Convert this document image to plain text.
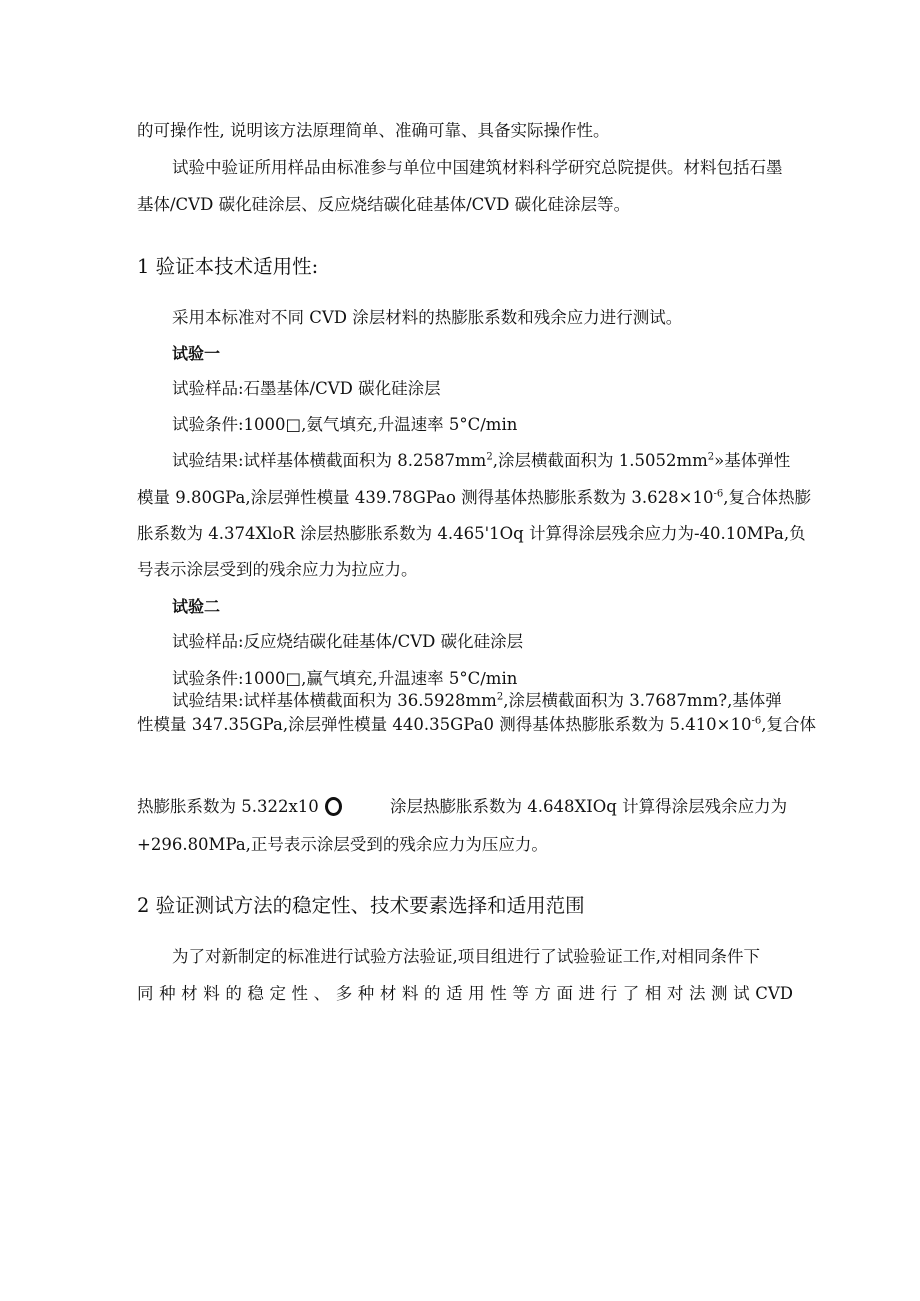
的可操作性, 说明该方法原理简单、准确可靠、具备实际操作性。
试验中验证所用样品由标准参与单位中国建筑材料科学研究总院提供。材料包括石墨
基体/CVD 碳化硅涂层、反应烧结碳化硅基体/CVD 碳化硅涂层等。
1 验证本技术适用性:
采用本标准对不同 CVD 涂层材料的热膨胀系数和残余应力进行测试。
试验一
试验样品:石墨基体/CVD 碳化硅涂层
试验条件:1000□,氨气填充,升温速率 5°C∕min
试验结果:试样基体横截面积为 $8.2587mm^2$,涂层横截面积为 $1.5052mm^2$»基体弹性
模量 9.80GPa,涂层弹性模量 439.78GPao 测得基体热膨胀系数为 $3.628\times 10^{-6}$,复合体热膨
胀系数为 4.374XloR 涂层热膨胀系数为 4.465'1Oq 计算得涂层残余应力为-40.10MPa,负
号表示涂层受到的残余应力为拉应力。
试验二
试验样品:反应烧结碳化硅基体/CVD 碳化硅涂层
试验条件:1000□,赢气填充,升温速率 5°C∕min
试验结果:试样基体横截面积为 $36.5928mm^2$,涂层横截面积为 3.7687mm?,基体弹
性模量 347.35GPa,涂层弹性模量 440.35GPa0 测得基体热膨胀系数为 $5.410\times 10^{-6}$,复合体
热膨胀系数为 5.322x10	涂层热膨胀系数为 4.648XIOq 计算得涂层残余应力为
+296.80MPa,正号表示涂层受到的残余应力为压应力。
2 验证测试方法的稳定性、技术要素选择和适用范围
为了对新制定的标准进行试验方法验证,项目组进行了试验验证工作,对相同条件下
同 种 材 料 的 稳 定 性 、 多 种 材 料 的 适 用 性 等 方 面 进 行 了 相 对 法 测 试 CVD
